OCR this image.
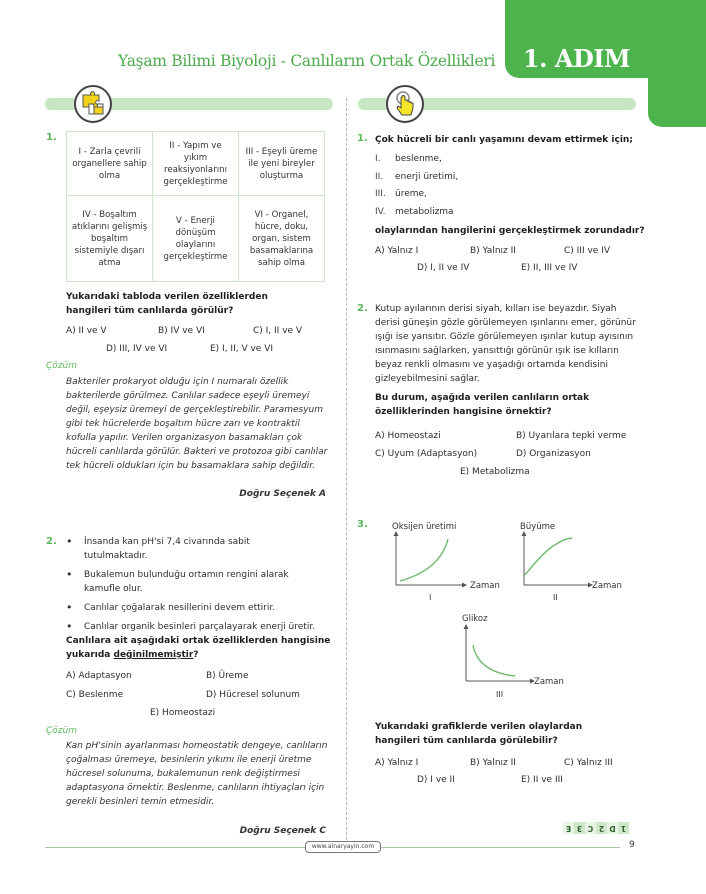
Yaşam Bilimi Biyoloji - Canlıların Ortak Özellikleri	1. ADIM
1.
I - Zarla çevrili organellere sahip olma	II - Yapım ve yıkım reaksiyonlarını gerçekleştirme	III - Eşeyli üreme ile yeni bireyler oluşturma
IV - Boşaltım atıklarını gelişmiş boşaltım sistemiyle dışarı atma	V - Enerji dönüşüm olaylarını gerçekleştirme	VI - Organel, hücre, doku, organ, sistem basamaklarına sahip olma
Yukarıdaki tabloda verilen özelliklerden hangileri tüm canlılarda görülür?
A) II ve V	B) IV ve VI	C) I, II ve V
D) III, IV ve VI	E) I, II, V ve VI
Çözüm
Bakteriler prokaryot olduğu için I numaralı özellik bakterilerde görülmez. Canlılar sadece eşeyli üremeyi değil, eşeysiz üremeyi de gerçekleştirebilir. Paramesyum gibi tek hücrelerde boşaltım hücre zarı ve kontraktil kofulla yapılır. Verilen organizasyon basamakları çok hücreli canlılarda görülür. Bakteri ve protozoa gibi canlılar tek hücreli oldukları için bu basamaklara sahip değildir.
Doğru Seçenek A
2.	• İnsanda kan pH'si 7,4 civarında sabit tutulmaktadır.
• Bukalemun bulunduğu ortamın rengini alarak kamufle olur.
• Canlılar çoğalarak nesillerini devem ettirir.
• Canlılar organik besinleri parçalayarak enerji üretir.
Canlılara ait aşağıdaki ortak özelliklerden hangisine yukarıda değinilmemiştir?
A) Adaptasyon	B) Üreme
C) Beslenme	D) Hücresel solunum
E) Homeostazi
Çözüm
Kan pH'sinin ayarlanması homeostatik dengeye, canlıların çoğalması üremeye, besinlerin yıkımı ile enerji üretme hücresel solunuma, bukalemunun renk değiştirmesi adaptasyona örnektir. Beslenme, canlıların ihtiyaçları için gerekli besinleri temin etmesidir.
Doğru Seçenek C
1. Çok hücreli bir canlı yaşamını devam ettirmek için;
I. beslenme,
II. enerji üretimi,
III. üreme,
IV. metabolizma
olaylarından hangilerini gerçekleştirmek zorundadır?
A) Yalnız I	B) Yalnız II	C) III ve IV
D) I, II ve IV	E) II, III ve IV
2. Kutup ayılarının derisi siyah, kılları ise beyazdır. Siyah derisi güneşin gözle görülemeyen ışınlarını emer, görünür ışığı ise yansıtır. Gözle görülemeyen ışınlar kutup ayısının ısınmasını sağlarken, yansıttığı görünür ışık ise kılların beyaz renkli olmasını ve yaşadığı ortamda kendisini gizleyebilmesini sağlar.
Bu durum, aşağıda verilen canlıların ortak özelliklerinden hangisine örnektir?
A) Homeostazi	B) Uyarılara tepki verme
C) Uyum (Adaptasyon)	D) Organizasyon
E) Metabolizma
3.	Oksijen üretimi
Zaman
I
Büyüme
Zaman
II
Glikoz
Zaman
III
Yukarıdaki grafiklerde verilen olaylardan hangileri tüm canlılarda görülebilir?
A) Yalnız I	B) Yalnız II	C) Yalnız III
D) I ve II	E) II ve III
1
D
2
C
3
E
www.ainaryayin.com	9
